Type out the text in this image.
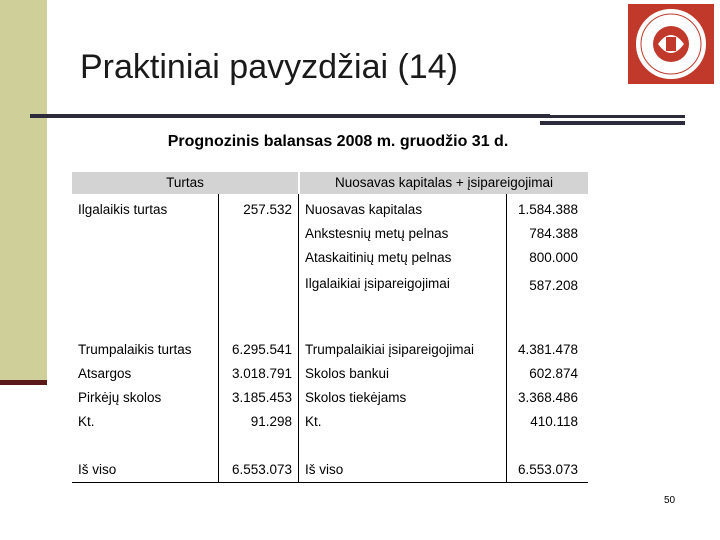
Praktiniai pavyzdžiai (14)
Prognozinis balansas 2008 m. gruodžio 31 d.
Turtas	Nuosavas kapitalas + įsipareigojimai
Ilgalaikis turtas	257.532 Nuosavas kapitalas	1.584.388
Ankstesnių metų pelnas	784.388
Ataskaitinių metų pelnas	800.000
Ilgalaikiai įsipareigojimai	587.208
Trumpalaikis turtas	6.295.541 Trumpalaikiai įsipareigojimai	4.381.478
Atsargos	3.018.791 Skolos bankui	602.874
Pirkėjų skolos	3.185.453 Skolos tiekėjams	3.368.486
Kt.	91.298 Kt.	410.118
Iš viso	6.553.073 Iš viso	6.553.073
50
